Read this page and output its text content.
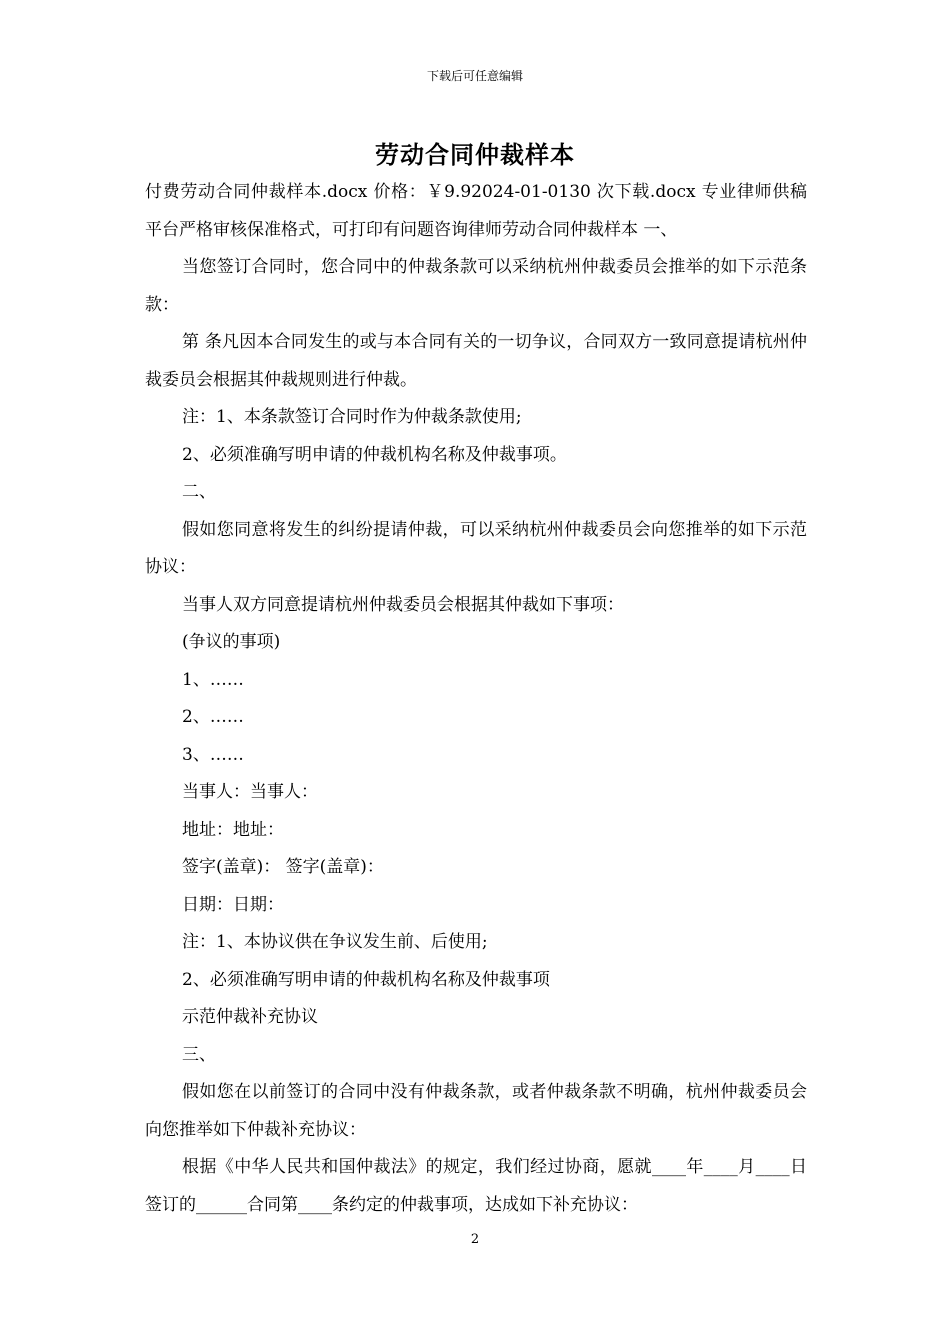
下载后可任意编辑
劳动合同仲裁样本

付费劳动合同仲裁样本.docx 价格：￥9.92024-01-0130 次下载.docx 专业律师供稿平台严格审核保准格式，可打印有问题咨询律师劳动合同仲裁样本 一、

当您签订合同时，您合同中的仲裁条款可以采纳杭州仲裁委员会推举的如下示范条款：

第 条凡因本合同发生的或与本合同有关的一切争议，合同双方一致同意提请杭州仲裁委员会根据其仲裁规则进行仲裁。

注：1、本条款签订合同时作为仲裁条款使用;

2、必须准确写明申请的仲裁机构名称及仲裁事项。

二、

假如您同意将发生的纠纷提请仲裁，可以采纳杭州仲裁委员会向您推举的如下示范协议：

当事人双方同意提请杭州仲裁委员会根据其仲裁如下事项：

(争议的事项)

1、……

2、……

3、……

当事人：当事人：

地址：地址：

签字(盖章)： 签字(盖章)：

日期：日期：

注：1、本协议供在争议发生前、后使用;

2、必须准确写明申请的仲裁机构名称及仲裁事项

示范仲裁补充协议

三、

假如您在以前签订的合同中没有仲裁条款，或者仲裁条款不明确，杭州仲裁委员会向您推举如下仲裁补充协议：

根据《中华人民共和国仲裁法》的规定，我们经过协商，愿就____年____月____日签订的______合同第____条约定的仲裁事项，达成如下补充协议：

2
